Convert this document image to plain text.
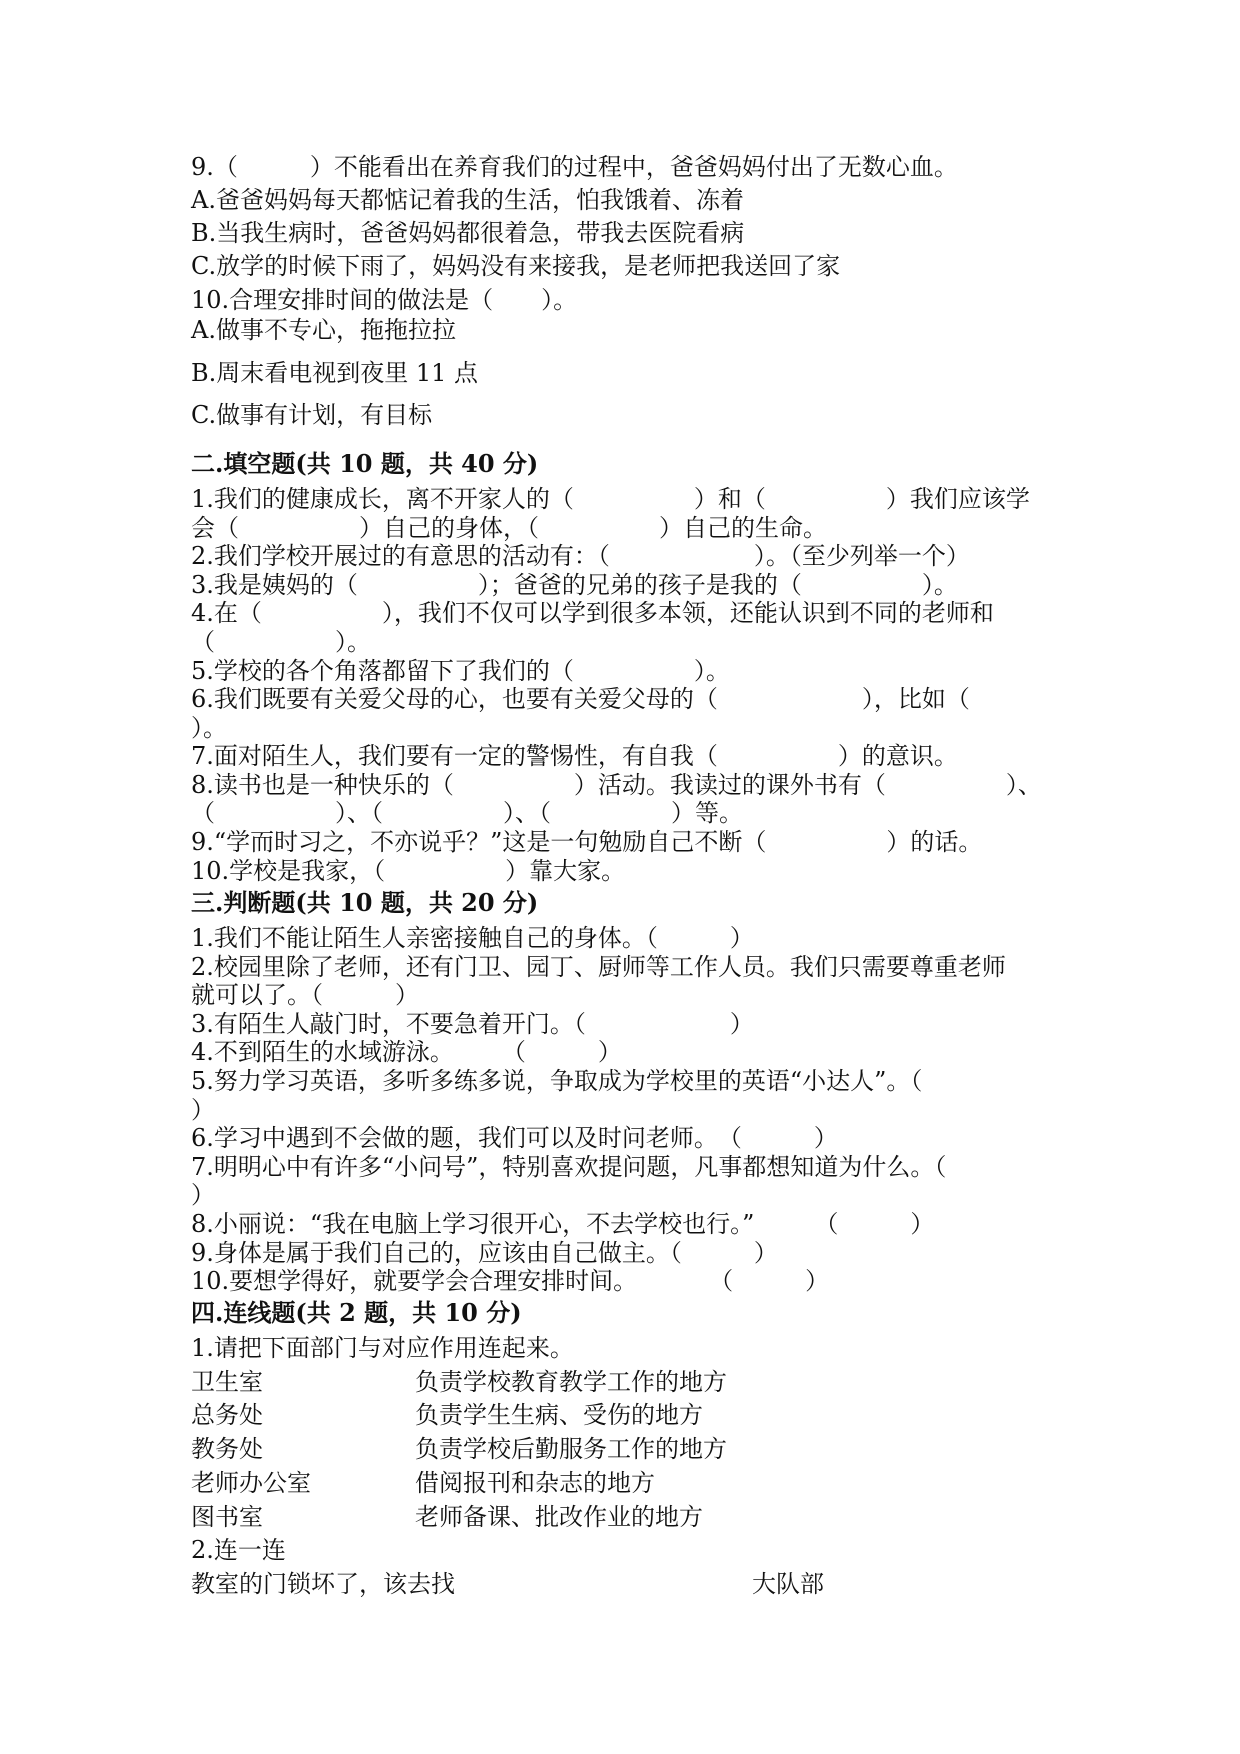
9.（　　　）不能看出在养育我们的过程中，爸爸妈妈付出了无数心血。

A.爸爸妈妈每天都惦记着我的生活，怕我饿着、冻着

B.当我生病时，爸爸妈妈都很着急，带我去医院看病

C.放学的时候下雨了，妈妈没有来接我，是老师把我送回了家

10.合理安排时间的做法是（　　）。

A.做事不专心，拖拖拉拉

B.周末看电视到夜里 11 点

C.做事有计划，有目标

二.填空题(共 10 题，共 40 分)

1.我们的健康成长，离不开家人的（　　　　　）和（　　　　　）我们应该学

会（　　　　　）自己的身体，（　　　　　）自己的生命。

2.我们学校开展过的有意思的活动有：（　　　　　　）。（至少列举一个）

3.我是姨妈的（　　　　　）；爸爸的兄弟的孩子是我的（　　　　　）。

4.在（　　　　　），我们不仅可以学到很多本领，还能认识到不同的老师和

（　　　　　）。

5.学校的各个角落都留下了我们的（　　　　　）。

6.我们既要有关爱父母的心，也要有关爱父母的（　　　　　　），比如（

）。

7.面对陌生人，我们要有一定的警惕性，有自我（　　　　　）的意识。

8.读书也是一种快乐的（　　　　　）活动。我读过的课外书有（　　　　　）、

（　　　　　）、（　　　　　）、（　　　　　）等。

9.“学而时习之，不亦说乎？”这是一句勉励自己不断（　　　　　）的话。

10.学校是我家，（　　　　　）靠大家。

三.判断题(共 10 题，共 20 分)

1.我们不能让陌生人亲密接触自己的身体。（　　　）

2.校园里除了老师，还有门卫、园丁、厨师等工作人员。我们只需要尊重老师

就可以了。（　　　）

3.有陌生人敲门时，不要急着开门。（　　　　　　）

4.不到陌生的水域游泳。　　　（　　　）

5.努力学习英语，多听多练多说，争取成为学校里的英语“小达人”。（

）

6.学习中遇到不会做的题，我们可以及时问老师。　（　　　）

7.明明心中有许多“小问号”，特别喜欢提问题，凡事都想知道为什么。（

）

8.小丽说：“我在电脑上学习很开心，不去学校也行。”　　　（　　　）

9.身体是属于我们自己的，应该由自己做主。（　　　）

10.要想学得好，就要学会合理安排时间。　　　　（　　　）

四.连线题(共 2 题，共 10 分)

1.请把下面部门与对应作用连起来。

卫生室	负责学校教育教学工作的地方

总务处	负责学生生病、受伤的地方

教务处	负责学校后勤服务工作的地方

老师办公室	借阅报刊和杂志的地方

图书室	老师备课、批改作业的地方

2.连一连

教室的门锁坏了，该去找	大队部
